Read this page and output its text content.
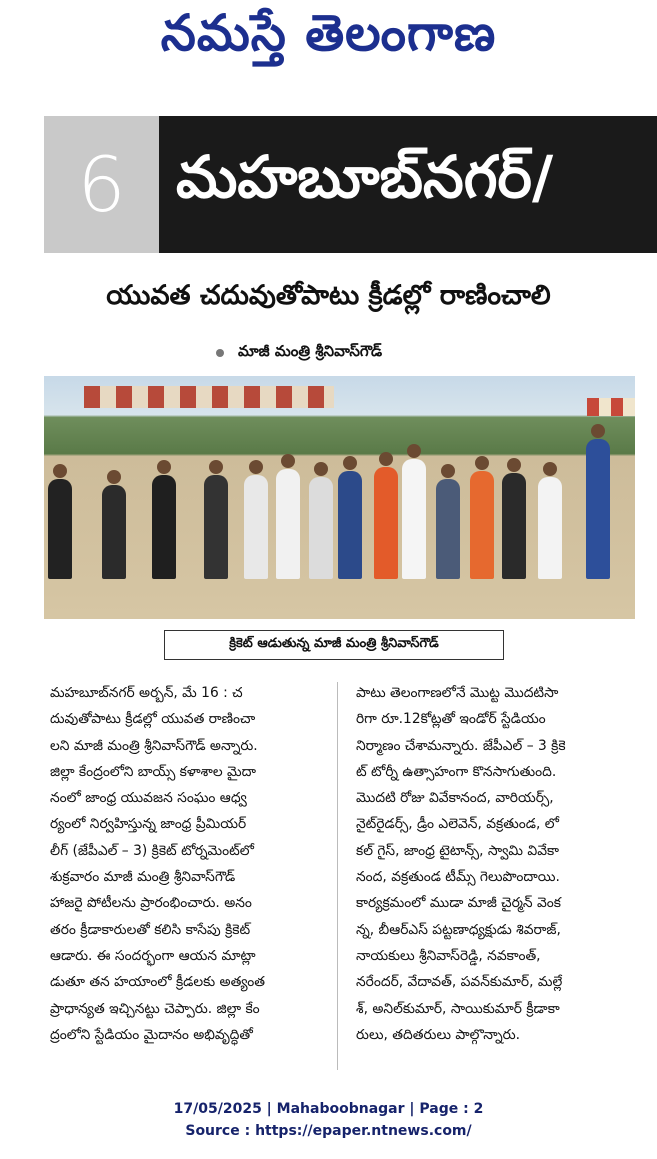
నమస్తే తెలంగాణ
6 మహబూబ్‌నగర్/
యువత చదువుతోపాటు క్రీడల్లో రాణించాలి
మాజీ మంత్రి శ్రీనివాస్‌గౌడ్
క్రికెట్ ఆడుతున్న మాజీ మంత్రి శ్రీనివాస్‌గౌడ్
మహబూబ్‌నగర్ అర్బన్, మే 16 : చ
దువుతోపాటు క్రీడల్లో యువత రాణించా
లని మాజీ మంత్రి శ్రీనివాస్‌గౌడ్ అన్నారు.
జిల్లా కేంద్రంలోని బాయ్స్ కళాశాల మైదా
నంలో జాంధ్ర యువజన సంఘం ఆధ్వ
ర్యంలో నిర్వహిస్తున్న జాంధ్ర ప్రీమియర్
లీగ్ (జేపీఎల్ – 3) క్రికెట్ టోర్నమెంట్‌లో
శుక్రవారం మాజీ మంత్రి శ్రీనివాస్‌గౌడ్
హాజరై పోటీలను ప్రారంభించారు. అనం
తరం క్రీడాకారులతో కలిసి కాసేపు క్రికెట్
ఆడారు. ఈ సందర్భంగా ఆయన మాట్లా
డుతూ తన హయాంలో క్రీడలకు అత్యంత
ప్రాధాన్యత ఇచ్చినట్టు చెప్పారు. జిల్లా కేం
ద్రంలోని స్టేడియం మైదానం అభివృద్ధితో
పాటు తెలంగాణలోనే మొట్ట మొదటిసా
రిగా రూ.12కోట్లతో ఇండోర్ స్టేడియం
నిర్మాణం చేశామన్నారు. జేపీఎల్ – 3 క్రికె
ట్ టోర్నీ ఉత్సాహంగా కొనసాగుతుంది.
మొదటి రోజు వివేకానంద, వారియర్స్,
నైట్‌రైడర్స్, డ్రీం ఎలెవెన్, వక్రతుండ, లో
కల్ గైస్, జాంధ్ర టైటాన్స్, స్వామి వివేకా
నంద, వక్రతుండ టీమ్స్ గెలుపొందాయి.
కార్యక్రమంలో ముడా మాజీ చైర్మన్ వెంక
న్న, బీఆర్‌ఎస్ పట్టణాధ్యక్షుడు శివరాజ్,
నాయకులు శ్రీనివాస్‌రెడ్డి, నవకాంత్,
నరేందర్, వేదావత్, పవన్‌కుమార్, మల్లే
శ్, అనిల్‌కుమార్, సాయికుమార్ క్రీడాకా
రులు, తదితరులు పాల్గొన్నారు.
17/05/2025 | Mahaboobnagar | Page : 2
Source : https://epaper.ntnews.com/
